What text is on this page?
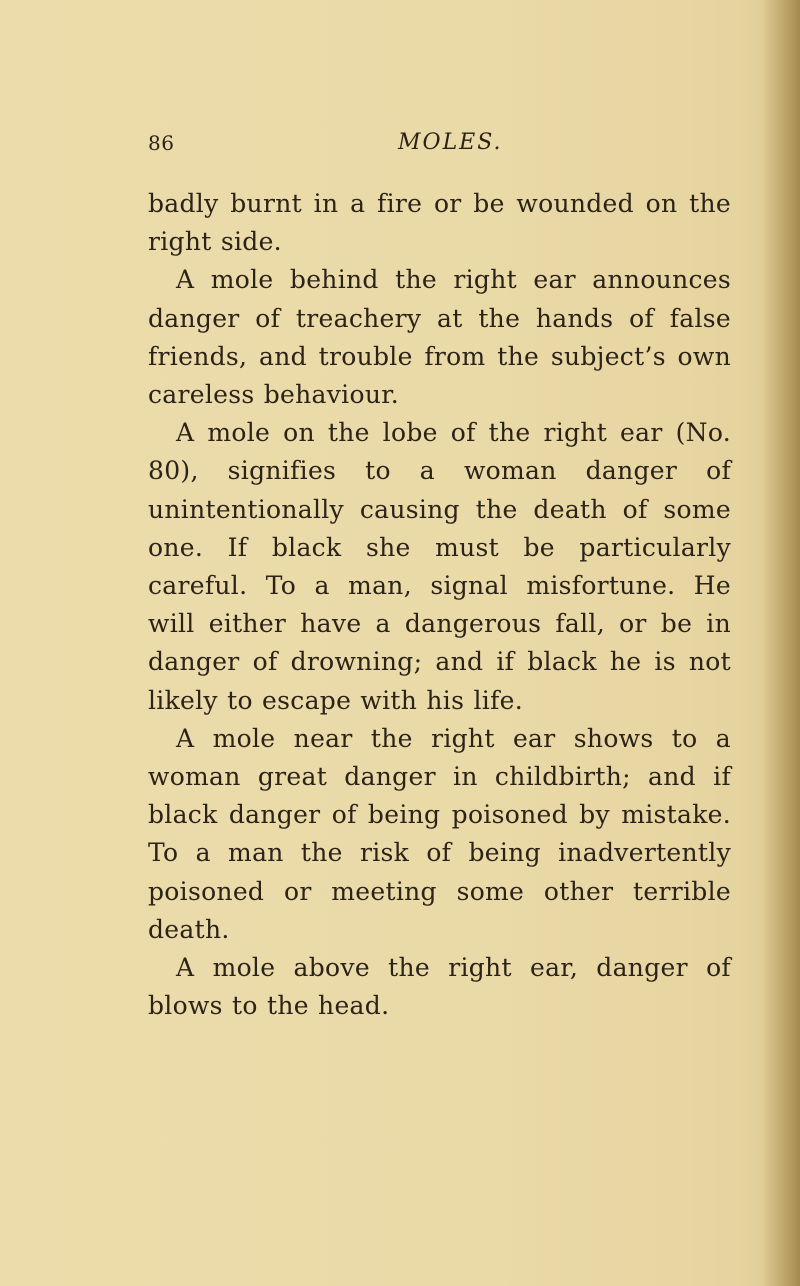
86	MOLES.

badly burnt in a fire or be wounded on the right side.

A mole behind the right ear announces danger of treachery at the hands of false friends, and trouble from the subject’s own careless behaviour.

A mole on the lobe of the right ear (No. 80), signifies to a woman danger of unintentionally causing the death of some one. If black she must be particularly careful. To a man, signal misfortune. He will either have a dangerous fall, or be in danger of drowning; and if black he is not likely to escape with his life.

A mole near the right ear shows to a woman great danger in childbirth; and if black danger of being poisoned by mistake. To a man the risk of being inadvertently poisoned or meeting some other terrible death.

A mole above the right ear, danger of blows to the head.
